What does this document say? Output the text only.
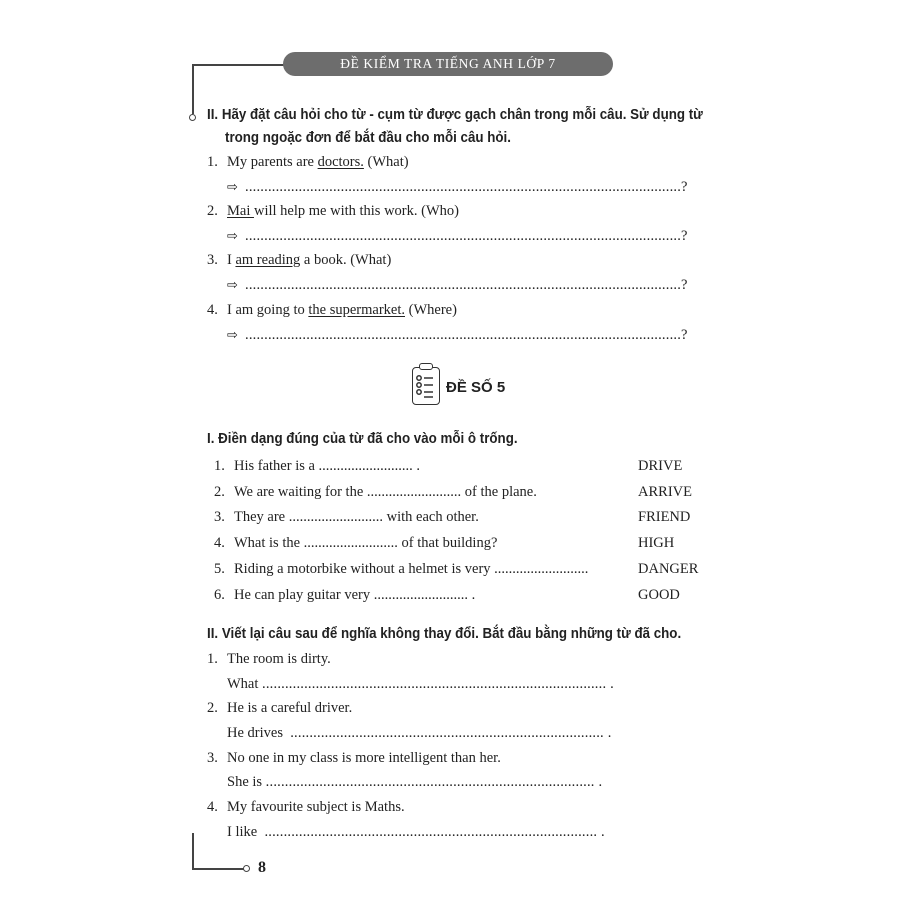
ĐỀ KIỂM TRA TIẾNG ANH LỚP 7
II. Hãy đặt câu hỏi cho từ - cụm từ được gạch chân trong mỗi câu. Sử dụng từ
trong ngoặc đơn để bắt đầu cho mỗi câu hỏi.
1. My parents are doctors. (What)
⇨ ..................................................................................................................?
2. Mai will help me with this work. (Who)
⇨ ..................................................................................................................?
3. I am reading a book. (What)
⇨ ..................................................................................................................?
4. I am going to the supermarket. (Where)
⇨ ..................................................................................................................?
ĐỀ SỐ 5
I. Điền dạng đúng của từ đã cho vào mỗi ô trống.
1. His father is a .......................... .	DRIVE
2. We are waiting for the .......................... of the plane.	ARRIVE
3. They are .......................... with each other.	FRIEND
4. What is the .......................... of that building?	HIGH
5. Riding a motorbike without a helmet is very ..........................	DANGER
6. He can play guitar very .......................... .	GOOD
II. Viết lại câu sau để nghĩa không thay đổi. Bắt đầu bằng những từ đã cho.
1. The room is dirty.
What .......................................................................................... .
2. He is a careful driver.
He drives .................................................................................. .
3. No one in my class is more intelligent than her.
She is ...................................................................................... .
4. My favourite subject is Maths.
I like ....................................................................................... .
8
